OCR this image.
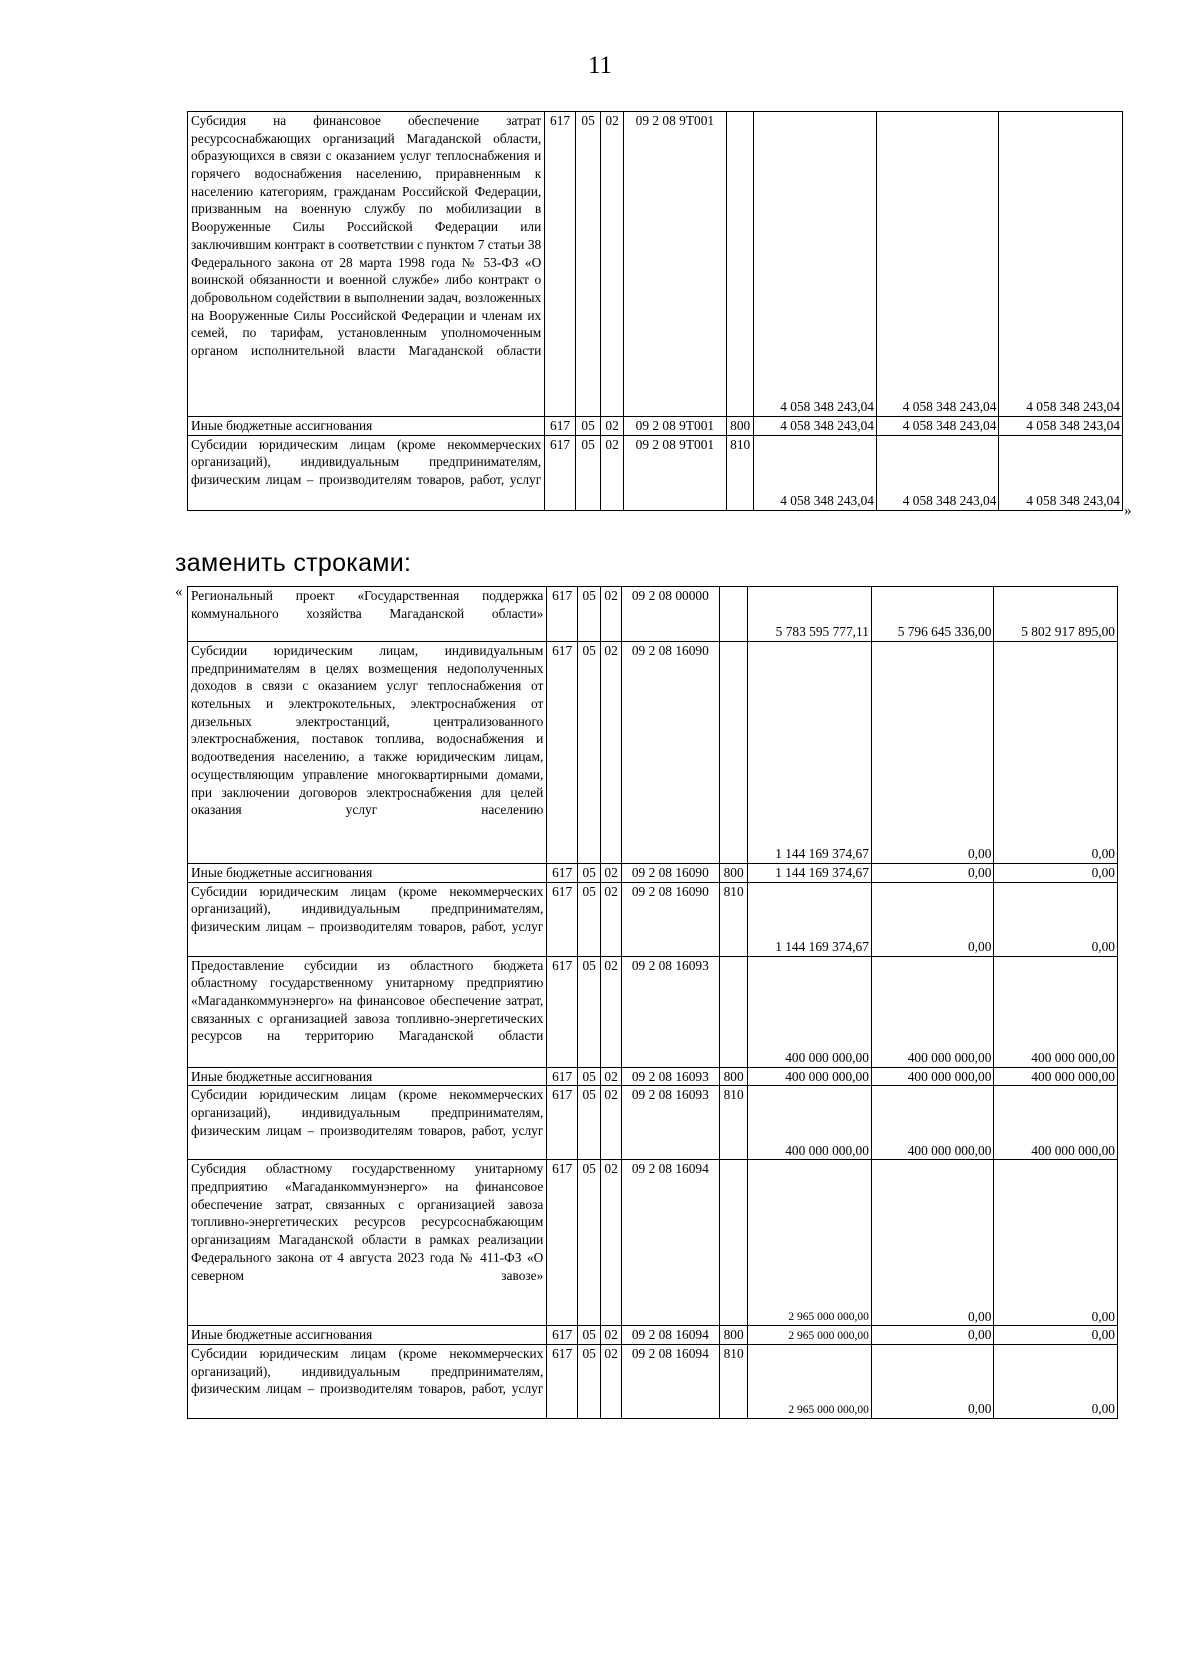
11
Субсидия на финансовое обеспечение затрат ресурсоснабжающих организаций Магаданской области, образующихся в связи с оказанием услуг теплоснабжения и горячего водоснабжения населению, приравненным к населению категориям, гражданам Российской Федерации, призванным на военную службу по мобилизации в Вооруженные Силы Российской Федерации или заключившим контракт в соответствии с пунктом 7 статьи 38 Федерального закона от 28 марта 1998 года № 53-ФЗ «О воинской обязанности и военной службе» либо контракт о добровольном содействии в выполнении задач, возложенных на Вооруженные Силы Российской Федерации и членам их семей, по тарифам, установленным уполномоченным органом исполнительной власти Магаданской области	617	05	02	09 2 08 9Т001		4 058 348 243,04	4 058 348 243,04	4 058 348 243,04
Иные бюджетные ассигнования	617	05	02	09 2 08 9Т001	800	4 058 348 243,04	4 058 348 243,04	4 058 348 243,04
Субсидии юридическим лицам (кроме некоммерческих организаций), индивидуальным предпринимателям, физическим лицам – производителям товаров, работ, услуг	617	05	02	09 2 08 9Т001	810	4 058 348 243,04	4 058 348 243,04	4 058 348 243,04
»
заменить строками:
« Региональный проект «Государственная поддержка коммунального хозяйства Магаданской области»	617	05	02	09 2 08 00000		5 783 595 777,11	5 796 645 336,00	5 802 917 895,00
Субсидии юридическим лицам, индивидуальным предпринимателям в целях возмещения недополученных доходов в связи с оказанием услуг теплоснабжения от котельных и электрокотельных, электроснабжения от дизельных электростанций, централизованного электроснабжения, поставок топлива, водоснабжения и водоотведения населению, а также юридическим лицам, осуществляющим управление многоквартирными домами, при заключении договоров электроснабжения для целей оказания услуг населению	617	05	02	09 2 08 16090		1 144 169 374,67	0,00	0,00
Иные бюджетные ассигнования	617	05	02	09 2 08 16090	800	1 144 169 374,67	0,00	0,00
Субсидии юридическим лицам (кроме некоммерческих организаций), индивидуальным предпринимателям, физическим лицам – производителям товаров, работ, услуг	617	05	02	09 2 08 16090	810	1 144 169 374,67	0,00	0,00
Предоставление субсидии из областного бюджета областному государственному унитарному предприятию «Магаданкоммунэнерго» на финансовое обеспечение затрат, связанных с организацией завоза топливно-энергетических ресурсов на территорию Магаданской области	617	05	02	09 2 08 16093		400 000 000,00	400 000 000,00	400 000 000,00
Иные бюджетные ассигнования	617	05	02	09 2 08 16093	800	400 000 000,00	400 000 000,00	400 000 000,00
Субсидии юридическим лицам (кроме некоммерческих организаций), индивидуальным предпринимателям, физическим лицам – производителям товаров, работ, услуг	617	05	02	09 2 08 16093	810	400 000 000,00	400 000 000,00	400 000 000,00
Субсидия областному государственному унитарному предприятию «Магаданкоммунэнерго» на финансовое обеспечение затрат, связанных с организацией завоза топливно-энергетических ресурсов ресурсоснабжающим организациям Магаданской области в рамках реализации Федерального закона от 4 августа 2023 года № 411-ФЗ «О северном завозе»	617	05	02	09 2 08 16094		2 965 000 000,00	0,00	0,00
Иные бюджетные ассигнования	617	05	02	09 2 08 16094	800	2 965 000 000,00	0,00	0,00
Субсидии юридическим лицам (кроме некоммерческих организаций), индивидуальным предпринимателям, физическим лицам – производителям товаров, работ, услуг	617	05	02	09 2 08 16094	810	2 965 000 000,00	0,00	0,00
